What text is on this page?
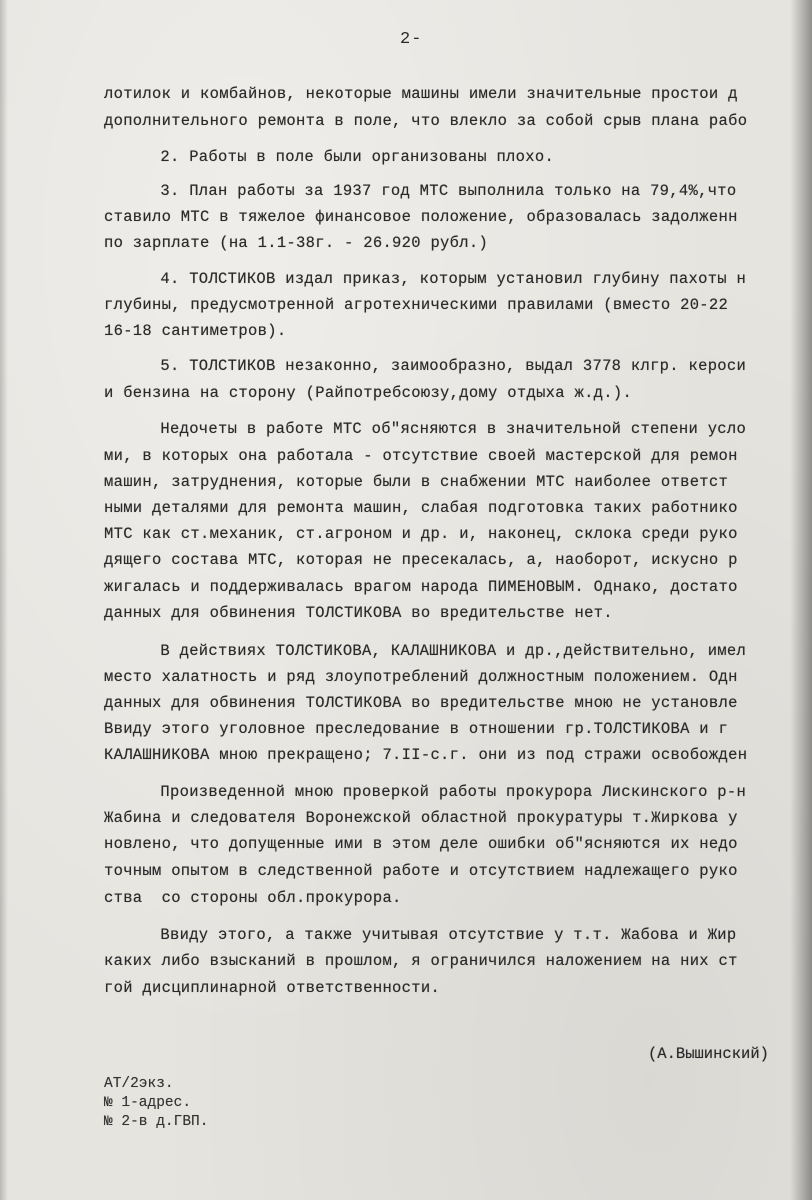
2-
лотилок и комбайнов, некоторые машины имели значительные простои д
дополнительного ремонта в поле, что влекло за собой срыв плана рабо
2. Работы в поле были организованы плохо.
3. План работы за 1937 год МТС выполнила только на 79,4%,что
ставило МТС в тяжелое финансовое положение, образовалась задолженн
по зарплате (на 1.1-38г. - 26.920 рубл.)
4. ТОЛСТИКОВ издал приказ, которым установил глубину пахоты н
глубины, предусмотренной агротехническими правилами (вместо 20-22
16-18 сантиметров).
5. ТОЛСТИКОВ незаконно, заимообразно, выдал 3778 клгр. кероси
и бензина на сторону (Райпотребсоюзу,дому отдыха ж.д.).
Недочеты в работе МТС об"ясняются в значительной степени усло
ми, в которых она работала - отсутствие своей мастерской для ремон
машин, затруднения, которые были в снабжении МТС наиболее ответст
ными деталями для ремонта машин, слабая подготовка таких работнико
МТС как ст.механик, ст.агроном и др. и, наконец, склока среди руко
дящего состава МТС, которая не пресекалась, а, наоборот, искусно р
жигалась и поддерживалась врагом народа ПИМЕНОВЫМ. Однако, достато
данных для обвинения ТОЛСТИКОВА во вредительстве нет.
В действиях ТОЛСТИКОВА, КАЛАШНИКОВА и др.,действительно, имел
место халатность и ряд злоупотреблений должностным положением. Одн
данных для обвинения ТОЛСТИКОВА во вредительстве мною не установле
Ввиду этого уголовное преследование в отношении гр.ТОЛСТИКОВА и г
КАЛАШНИКОВА мною прекращено; 7.II-с.г. они из под стражи освобожден
Произведенной мною проверкой работы прокурора Лискинского р-н
Жабина и следователя Воронежской областной прокуратуры т.Жиркова у
новлено, что допущенные ими в этом деле ошибки об"ясняются их недо
точным опытом в следственной работе и отсутствием надлежащего руко
ства  со стороны обл.прокурора.
Ввиду этого, а также учитывая отсутствие у т.т. Жабова и Жир
каких либо взысканий в прошлом, я ограничился наложением на них ст
гой дисциплинарной ответственности.
(А.Вышинский)
АТ/2экз.
№ 1-адрес.
№ 2-в д.ГВП.
